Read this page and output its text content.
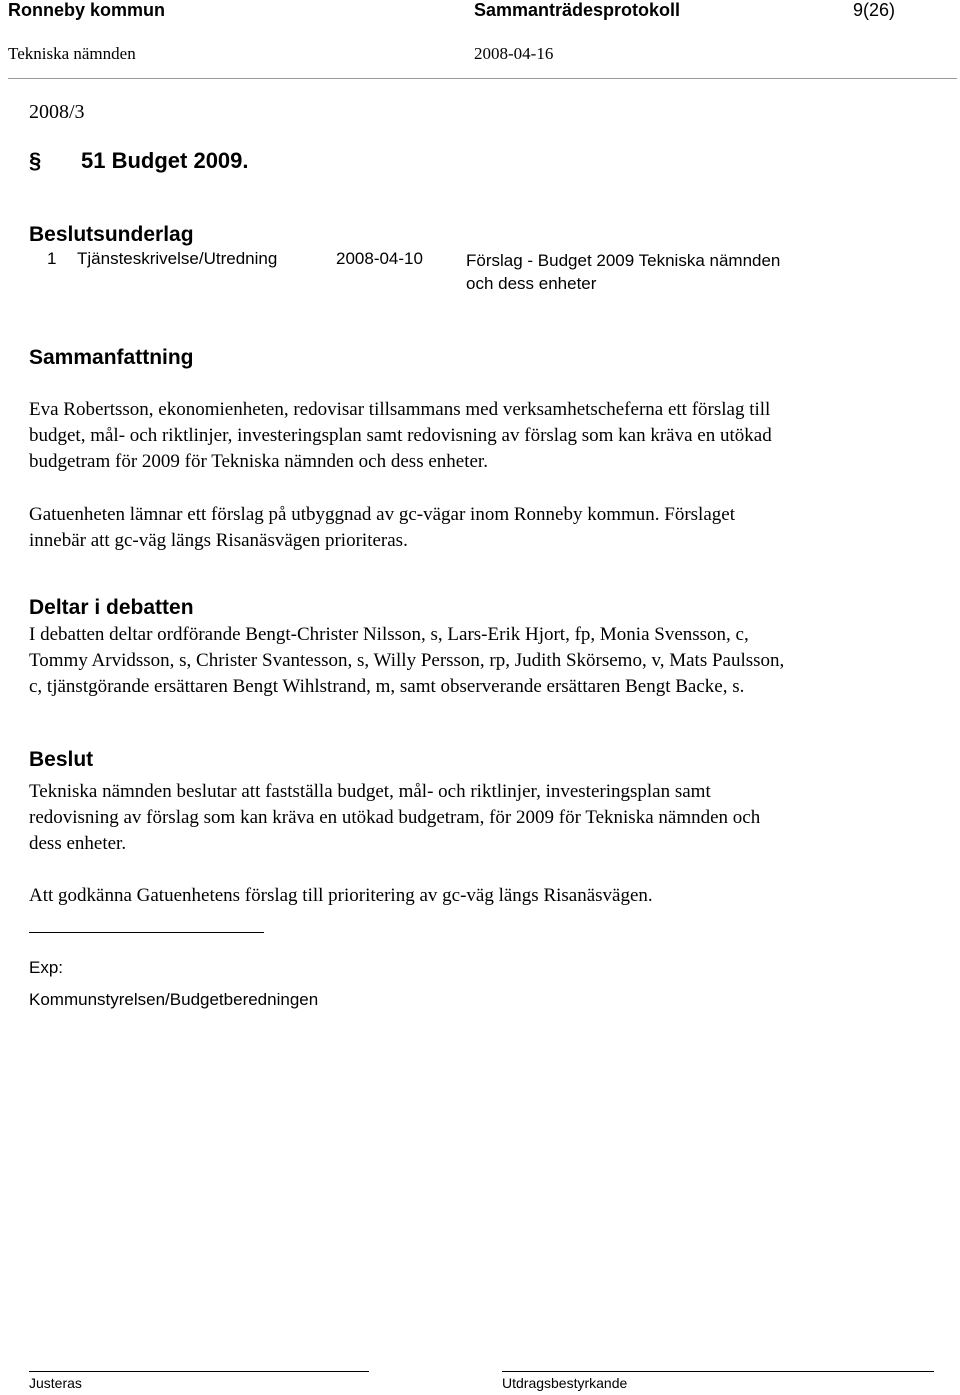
Ronneby kommun	Sammanträdesprotokoll	9(26)
Tekniska nämnden	2008-04-16
2008/3
§ 51 Budget 2009.
Beslutsunderlag
1 Tjänsteskrivelse/Utredning	2008-04-10	Förslag - Budget 2009 Tekniska nämnden
och dess enheter
Sammanfattning
Eva Robertsson, ekonomienheten, redovisar tillsammans med verksamhetscheferna ett förslag till
budget, mål- och riktlinjer, investeringsplan samt redovisning av förslag som kan kräva en utökad
budgetram för 2009 för Tekniska nämnden och dess enheter.
Gatuenheten lämnar ett förslag på utbyggnad av gc-vägar inom Ronneby kommun. Förslaget
innebär att gc-väg längs Risanäsvägen prioriteras.
Deltar i debatten
I debatten deltar ordförande Bengt-Christer Nilsson, s, Lars-Erik Hjort, fp, Monia Svensson, c,
Tommy Arvidsson, s, Christer Svantesson, s, Willy Persson, rp, Judith Skörsemo, v, Mats Paulsson,
c, tjänstgörande ersättaren Bengt Wihlstrand, m, samt observerande ersättaren Bengt Backe, s.
Beslut
Tekniska nämnden beslutar att fastställa budget, mål- och riktlinjer, investeringsplan samt
redovisning av förslag som kan kräva en utökad budgetram, för 2009 för Tekniska nämnden och
dess enheter.
Att godkänna Gatuenhetens förslag till prioritering av gc-väg längs Risanäsvägen.
Exp:
Kommunstyrelsen/Budgetberedningen
Justeras	Utdragsbestyrkande
